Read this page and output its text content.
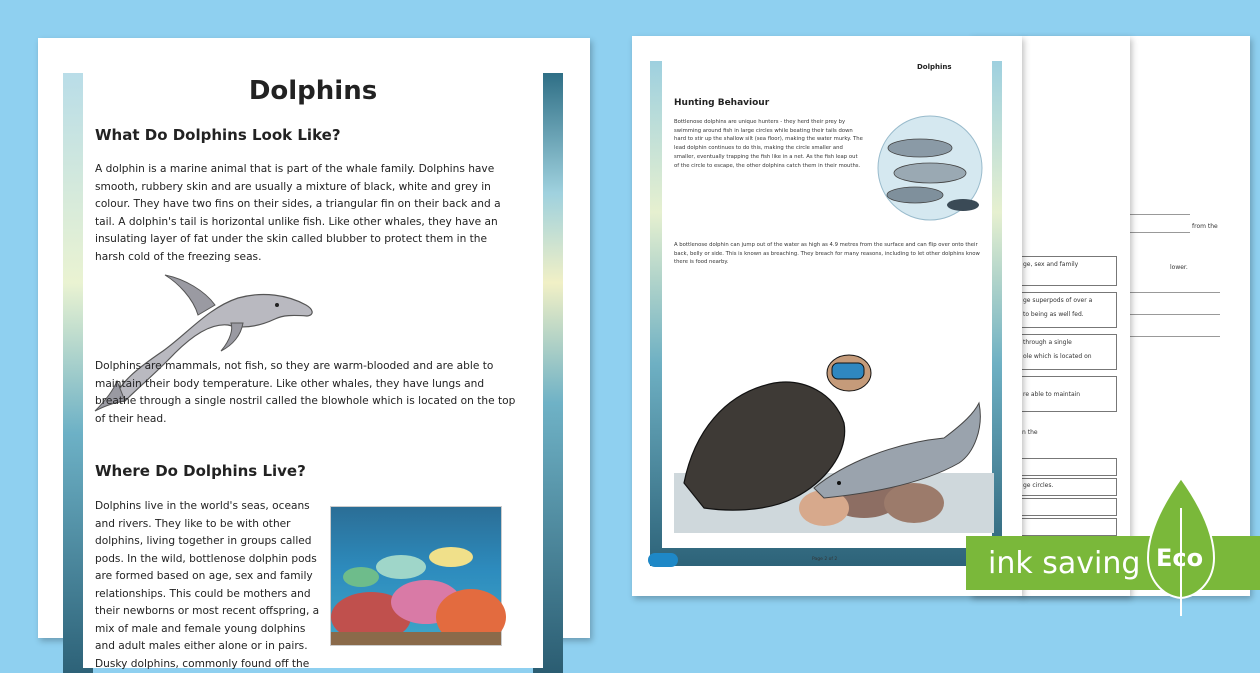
Dolphins
What Do Dolphins Look Like?

A dolphin is a marine animal that is part of the whale family. Dolphins have smooth, rubbery skin and are usually a mixture of black, white and grey in colour. They have two fins on their sides, a triangular fin on their back and a tail. A dolphin's tail is horizontal unlike fish. Like other whales, they have an insulating layer of fat under the skin called blubber to protect them in the harsh cold of the freezing seas.

Dolphins are mammals, not fish, so they are warm-blooded and are able to maintain their body temperature. Like other whales, they have lungs and breathe through a single nostril called the blowhole which is located on the top of their head.

Where Do Dolphins Live?
Dolphins live in the world's seas, oceans and rivers. They like to be with other dolphins, living together in groups called pods. In the wild, bottlenose dolphin pods are formed based on age, sex and family relationships. This could be mothers and their newborns or most recent offspring, a mix of male and female young dolphins and adult males either alone or in pairs. Dusky dolphins, commonly found off the
from the
lower.
ge, sex and family
ge superpods of over a
to being as well fed.
through a single
ole which is located on
re able to maintain
n the
ge circles.
Dolphins
Hunting Behaviour
Bottlenose dolphins are unique hunters - they herd their prey by swimming around fish in large circles while beating their tails down hard to stir up the shallow silt (sea floor), making the water murky. The lead dolphin continues to do this, making the circle smaller and smaller, eventually trapping the fish like in a net. As the fish leap out of the circle to escape, the other dolphins catch them in their mouths.
A bottlenose dolphin can jump out of the water as high as 4.9 metres from the surface and can flip over onto their back, belly or side. This is known as breaching. They breach for many reasons, including to let other dolphins know there is food nearby.
Page 2 of 2	ink saving Eco
